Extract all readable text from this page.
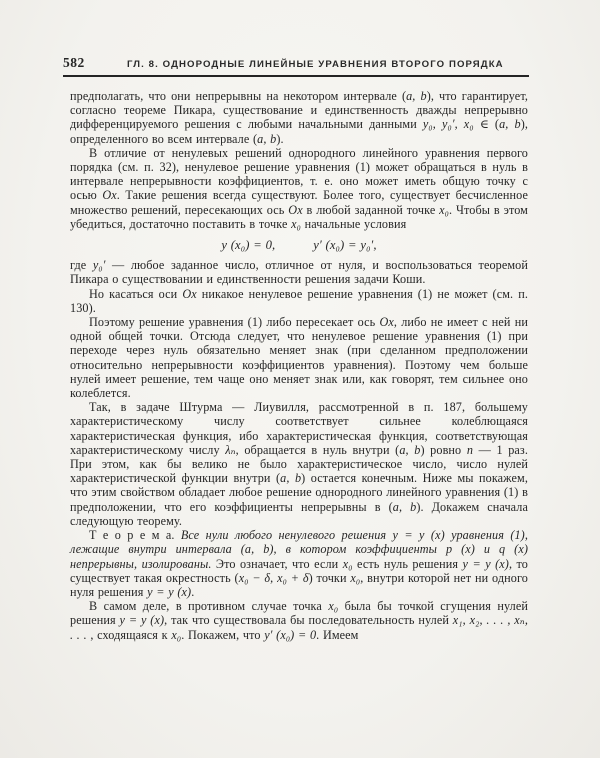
582	ГЛ. 8. ОДНОРОДНЫЕ ЛИНЕЙНЫЕ УРАВНЕНИЯ ВТОРОГО ПОРЯДКА

предполагать, что они непрерывны на некотором интервале (a, b), что гарантирует, согласно теореме Пикара, существование и единственность дважды непрерывно дифференцируемого решения с любыми начальными данными y₀, y₀′, x₀ ∈ (a, b), определенного во всем интервале (a, b).

В отличие от ненулевых решений однородного линейного уравнения первого порядка (см. п. 32), ненулевое решение уравнения (1) может обращаться в нуль в интервале непрерывности коэффициентов, т. е. оно может иметь общую точку с осью Ox. Такие решения всегда существуют. Более того, существует бесчисленное множество решений, пересекающих ось Ox в любой заданной точке x₀. Чтобы в этом убедиться, достаточно поставить в точке x₀ начальные условия

y (x₀) = 0,	y′ (x₀) = y₀′,

где y₀′ — любое заданное число, отличное от нуля, и воспользоваться теоремой Пикара о существовании и единственности решения задачи Коши.

Но касаться оси Ox никакое ненулевое решение уравнения (1) не может (см. п. 130).

Поэтому решение уравнения (1) либо пересекает ось Ox, либо не имеет с ней ни одной общей точки. Отсюда следует, что ненулевое решение уравнения (1) при переходе через нуль обязательно меняет знак (при сделанном предположении относительно непрерывности коэффициентов уравнения). Поэтому чем больше нулей имеет решение, тем чаще оно меняет знак или, как говорят, тем сильнее оно колеблется.

Так, в задаче Штурма — Лиувилля, рассмотренной в п. 187, большему характеристическому числу соответствует сильнее колеблющаяся характеристическая функция, ибо характеристическая функция, соответствующая характеристическому числу λₙ, обращается в нуль внутри (a, b) ровно n — 1 раз. При этом, как бы велико не было характеристическое число, число нулей характеристической функции внутри (a, b) остается конечным. Ниже мы покажем, что этим свойством обладает любое решение однородного линейного уравнения (1) в предположении, что его коэффициенты непрерывны в (a, b). Докажем сначала следующую теорему.

Т е о р е м а. Все нули любого ненулевого решения y = y (x) уравнения (1), лежащие внутри интервала (a, b), в котором коэффициенты p (x) и q (x) непрерывны, изолированы. Это означает, что если x₀ есть нуль решения y = y (x), то существует такая окрестность (x₀ − δ, x₀ + δ) точки x₀, внутри которой нет ни одного нуля решения y = y (x).

В самом деле, в противном случае точка x₀ была бы точкой сгущения нулей решения y = y (x), так что существовала бы последовательность нулей x₁, x₂, . . . , xₙ, . . . , сходящаяся к x₀. Покажем, что y′ (x₀) = 0. Имеем
